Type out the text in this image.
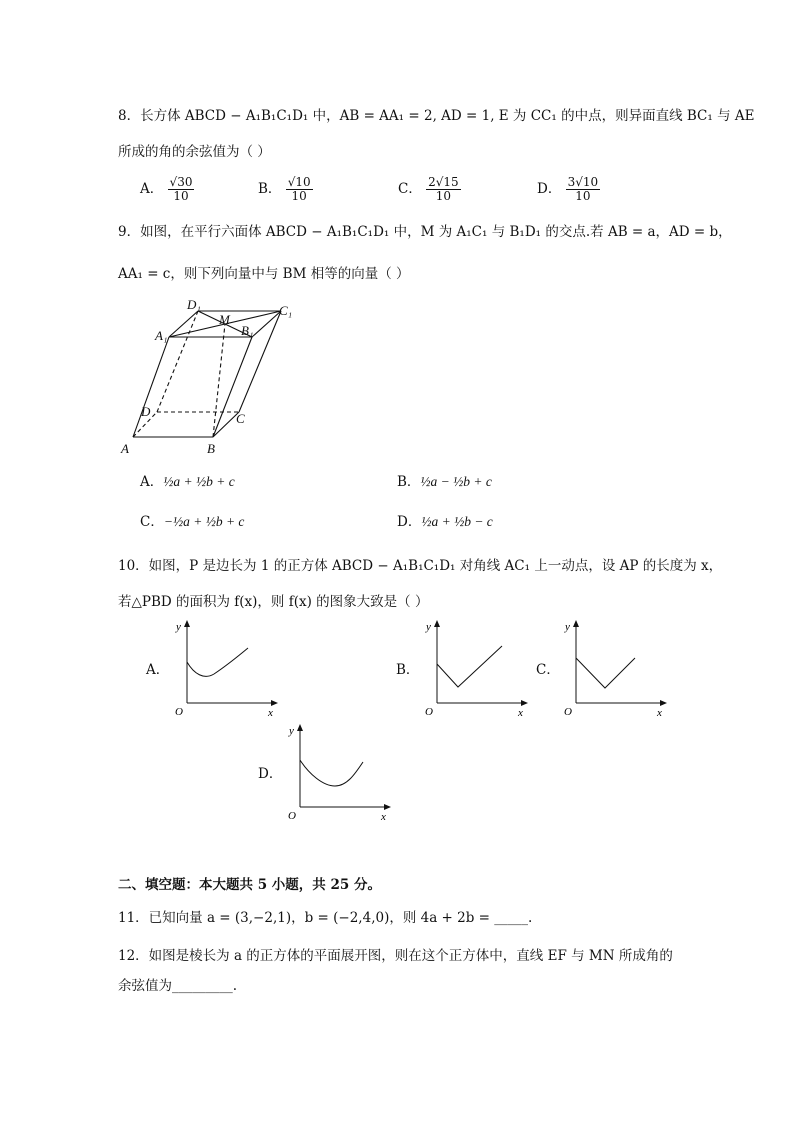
8．长方体 ABCD − A₁B₁C₁D₁ 中，AB = AA₁ = 2, AD = 1, E 为 CC₁ 的中点，则异面直线 BC₁ 与 AE
所成的角的余弦值为（ ）
A． $\frac{√30}{10}$	B． $\frac{√10}{10}$	C． $\frac{2√15}{10}$	D． $\frac{3√10}{10}$
9．如图，在平行六面体 ABCD − A₁B₁C₁D₁ 中，M 为 A₁C₁ 与 B₁D₁ 的交点.若 AB = a，AD = b，
AA₁ = c，则下列向量中与 BM 相等的向量（ ）
A	B
C
D
A₁	B₁
C₁
D₁
M
A．½a + ½b + c	B．½a − ½b + c
C．−½a + ½b + c	D．½a + ½b − c
10．如图，P 是边长为 1 的正方体 ABCD − A₁B₁C₁D₁ 对角线 AC₁ 上一动点，设 AP 的长度为 x，
若△PBD 的面积为 f(x)，则 f(x) 的图象大致是（ ）
A．
y
x
O
B．
y
x
O
C．
y
x
O
D．
y
x
O
二、填空题：本大题共 5 小题，共 25 分。
11．已知向量 a = (3,−2,1)，b = (−2,4,0)，则 4a + 2b = _____.
12．如图是棱长为 a 的正方体的平面展开图，则在这个正方体中，直线 EF 与 MN 所成角的
余弦值为_________.
